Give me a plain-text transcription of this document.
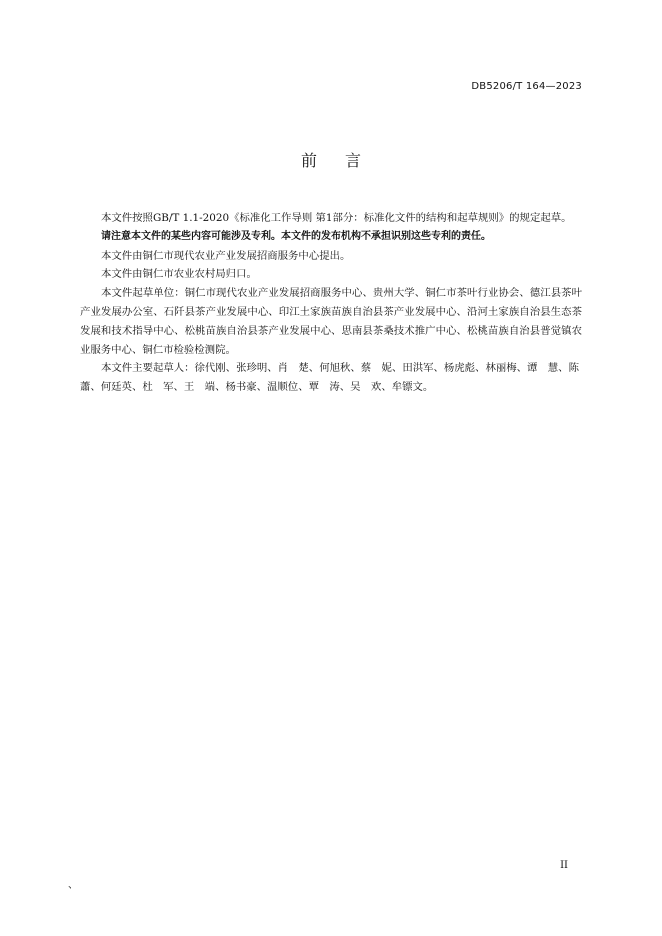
DB5206/T 164—2023
前言

本文件按照GB/T 1.1-2020《标准化工作导则 第1部分：标准化文件的结构和起草规则》的规定起草。

请注意本文件的某些内容可能涉及专利。本文件的发布机构不承担识别这些专利的责任。

本文件由铜仁市现代农业产业发展招商服务中心提出。

本文件由铜仁市农业农村局归口。

本文件起草单位：铜仁市现代农业产业发展招商服务中心、贵州大学、铜仁市茶叶行业协会、德江县茶叶产业发展办公室、石阡县茶产业发展中心、印江土家族苗族自治县茶产业发展中心、沿河土家族自治县生态茶发展和技术指导中心、松桃苗族自治县茶产业发展中心、思南县茶桑技术推广中心、松桃苗族自治县普觉镇农业服务中心、铜仁市检验检测院。

本文件主要起草人：徐代刚、张珍明、肖　楚、何旭秋、蔡　妮、田洪军、杨虎彪、林丽梅、谭　慧、陈　蕭、何廷英、杜　军、王　端、杨书豪、温顺位、覃　涛、吴　欢、牟镖文。

II
、
